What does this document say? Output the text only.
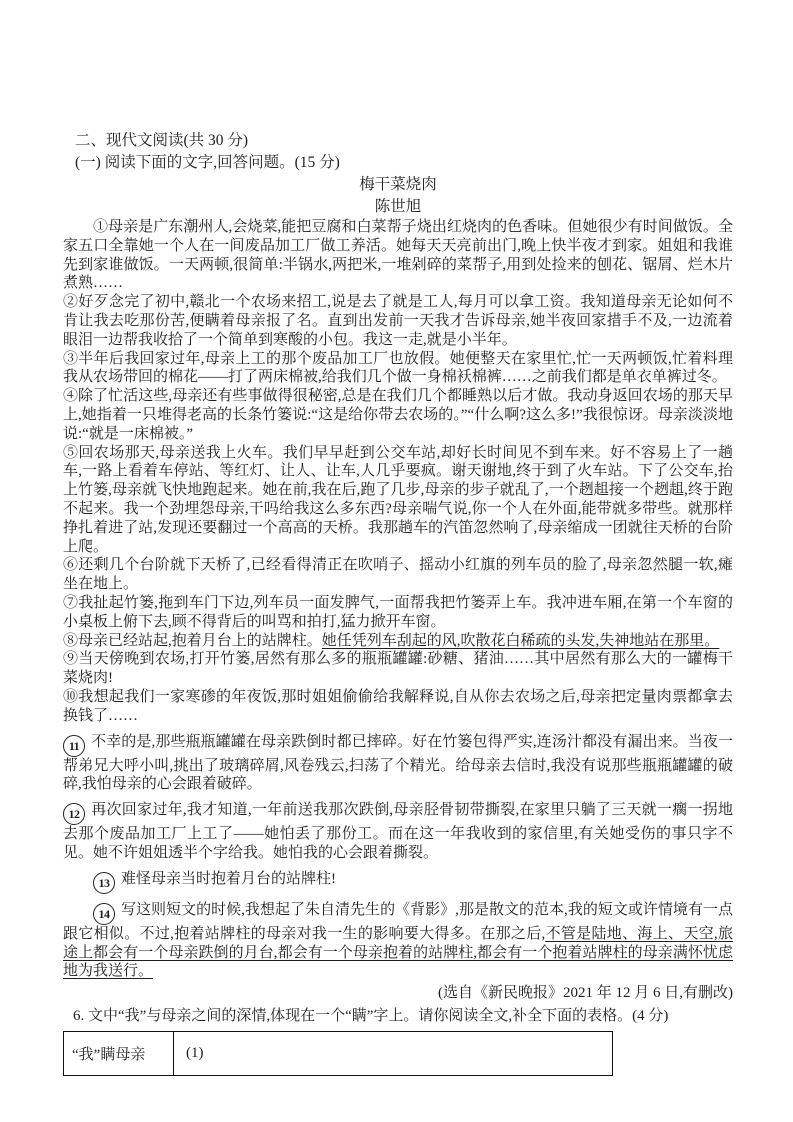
二、现代文阅读(共 30 分)
(一) 阅读下面的文字,回答问题。(15 分)
梅干菜烧肉
陈世旭

①母亲是广东潮州人,会烧菜,能把豆腐和白菜帮子烧出红烧肉的色香味。但她很少有时间做饭。全家五口全靠她一个人在一间废品加工厂做工养活。她每天天亮前出门,晚上快半夜才到家。姐姐和我谁先到家谁做饭。一天两顿,很简单:半锅水,两把米,一堆剁碎的菜帮子,用到处捡来的刨花、锯屑、烂木片煮熟……

②好歹念完了初中,赣北一个农场来招工,说是去了就是工人,每月可以拿工资。我知道母亲无论如何不肯让我去吃那份苦,便瞒着母亲报了名。直到出发前一天我才告诉母亲,她半夜回家措手不及,一边流着眼泪一边帮我收拾了一个简单到寒酸的小包。我这一走,就是小半年。

③半年后我回家过年,母亲上工的那个废品加工厂也放假。她便整天在家里忙,忙一天两顿饭,忙着料理我从农场带回的棉花——打了两床棉被,给我们几个做一身棉袄棉裤……之前我们都是单衣单裤过冬。

④除了忙活这些,母亲还有些事做得很秘密,总是在我们几个都睡熟以后才做。我动身返回农场的那天早上,她指着一只堆得老高的长条竹篓说:“这是给你带去农场的。”“什么啊?这么多!”我很惊讶。母亲淡淡地说:“就是一床棉被。”

⑤回农场那天,母亲送我上火车。我们早早赶到公交车站,却好长时间见不到车来。好不容易上了一趟车,一路上看着车停站、等红灯、让人、让车,人几乎要疯。谢天谢地,终于到了火车站。下了公交车,抬上竹篓,母亲就飞快地跑起来。她在前,我在后,跑了几步,母亲的步子就乱了,一个趔趄接一个趔趄,终于跑不起来。我一个劲埋怨母亲,干吗给我这么多东西?母亲喘气说,你一个人在外面,能带就多带些。就那样挣扎着进了站,发现还要翻过一个高高的天桥。我那趟车的汽笛忽然响了,母亲缩成一团就往天桥的台阶上爬。

⑥还剩几个台阶就下天桥了,已经看得清正在吹哨子、摇动小红旗的列车员的脸了,母亲忽然腿一软,瘫坐在地上。

⑦我扯起竹篓,拖到车门下边,列车员一面发脾气,一面帮我把竹篓弄上车。我冲进车厢,在第一个车窗的小桌板上俯下去,顾不得背后的叫骂和拍打,猛力掀开车窗。

⑧母亲已经站起,抱着月台上的站牌柱。她任凭列车刮起的风,吹散花白稀疏的头发,失神地站在那里。

⑨当天傍晚到农场,打开竹篓,居然有那么多的瓶瓶罐罐:砂糖、猪油……其中居然有那么大的一罐梅干菜烧肉!

⑩我想起我们一家寒碜的年夜饭,那时姐姐偷偷给我解释说,自从你去农场之后,母亲把定量肉票都拿去换钱了……

11 不幸的是,那些瓶瓶罐罐在母亲跌倒时都已摔碎。好在竹篓包得严实,连汤汁都没有漏出来。当夜一帮弟兄大呼小叫,挑出了玻璃碎屑,风卷残云,扫荡了个精光。给母亲去信时,我没有说那些瓶瓶罐罐的破碎,我怕母亲的心会跟着破碎。

12 再次回家过年,我才知道,一年前送我那次跌倒,母亲胫骨韧带撕裂,在家里只躺了三天就一瘸一拐地去那个废品加工厂上工了——她怕丢了那份工。而在这一年我收到的家信里,有关她受伤的事只字不见。她不许姐姐透半个字给我。她怕我的心会跟着撕裂。

13 难怪母亲当时抱着月台的站牌柱!

14 写这则短文的时候,我想起了朱自清先生的《背影》,那是散文的范本,我的短文或许情境有一点跟它相似。不过,抱着站牌柱的母亲对我一生的影响要大得多。在那之后,不管是陆地、海上、天空,旅途上都会有一个母亲跌倒的月台,都会有一个母亲抱着的站牌柱,都会有一个抱着站牌柱的母亲满怀忧虑地为我送行。

(选自《新民晚报》2021 年 12 月 6 日,有删改)
6. 文中“我”与母亲之间的深情,体现在一个“瞒”字上。请你阅读全文,补全下面的表格。(4 分)
“我”瞒母亲	(1)
